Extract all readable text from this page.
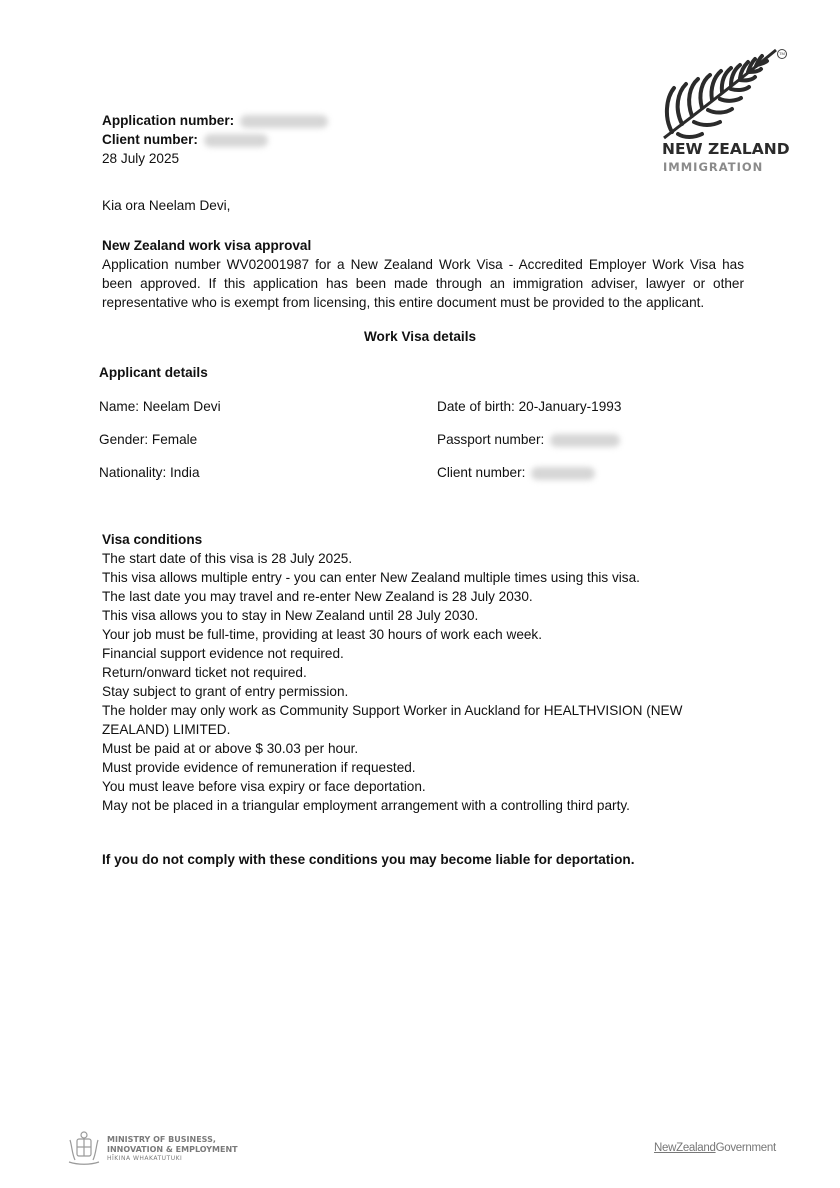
Application number:
Client number:
28 July 2025
TM
NEW ZEALAND
IMMIGRATION
Kia ora Neelam Devi,
New Zealand work visa approval
Application number WV02001987 for a New Zealand Work Visa - Accredited Employer Work Visa has been approved. If this application has been made through an immigration adviser, lawyer or other representative who is exempt from licensing, this entire document must be provided to the applicant.
Work Visa details
Applicant details
Name: Neelam Devi	Date of birth: 20-January-1993
Gender: Female	Passport number:
Nationality: India	Client number:
Visa conditions
The start date of this visa is 28 July 2025.
This visa allows multiple entry - you can enter New Zealand multiple times using this visa.
The last date you may travel and re-enter New Zealand is 28 July 2030.
This visa allows you to stay in New Zealand until 28 July 2030.
Your job must be full-time, providing at least 30 hours of work each week.
Financial support evidence not required.
Return/onward ticket not required.
Stay subject to grant of entry permission.
The holder may only work as Community Support Worker in Auckland for HEALTHVISION (NEW ZEALAND) LIMITED.
Must be paid at or above $ 30.03 per hour.
Must provide evidence of remuneration if requested.
You must leave before visa expiry or face deportation.
May not be placed in a triangular employment arrangement with a controlling third party.
If you do not comply with these conditions you may become liable for deportation.
MINISTRY OF BUSINESS,
INNOVATION & EMPLOYMENT
HĪKINA WHAKATUTUKI
NewZealandGovernment
